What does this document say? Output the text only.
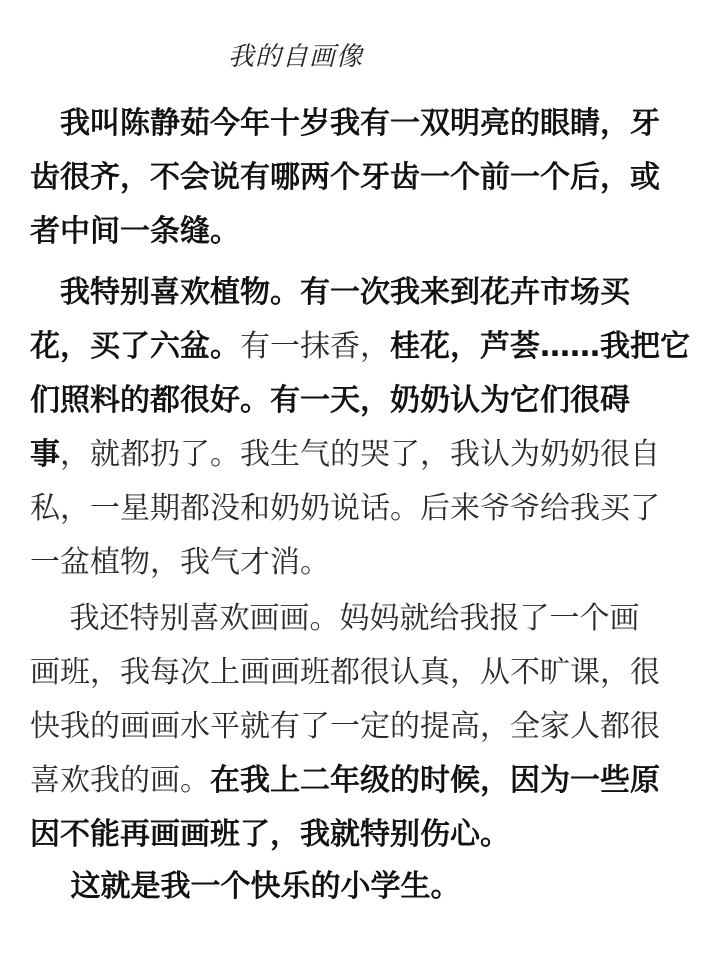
我的自画像
　我叫陈静茹今年十岁我有一双明亮的眼睛，牙
齿很齐，不会说有哪两个牙齿一个前一个后，或
者中间一条缝。
　我特别喜欢植物。有一次我来到花卉市场买
花，买了六盆。有一抹香，桂花，芦荟……我把它
们照料的都很好。有一天，奶奶认为它们很碍
事，就都扔了。我生气的哭了，我认为奶奶很自
私，一星期都没和奶奶说话。后来爷爷给我买了
一盆植物，我气才消。
　 我还特别喜欢画画。妈妈就给我报了一个画
画班，我每次上画画班都很认真，从不旷课，很
快我的画画水平就有了一定的提高，全家人都很
喜欢我的画。在我上二年级的时候，因为一些原
因不能再画画班了，我就特别伤心。
　 这就是我一个快乐的小学生。
